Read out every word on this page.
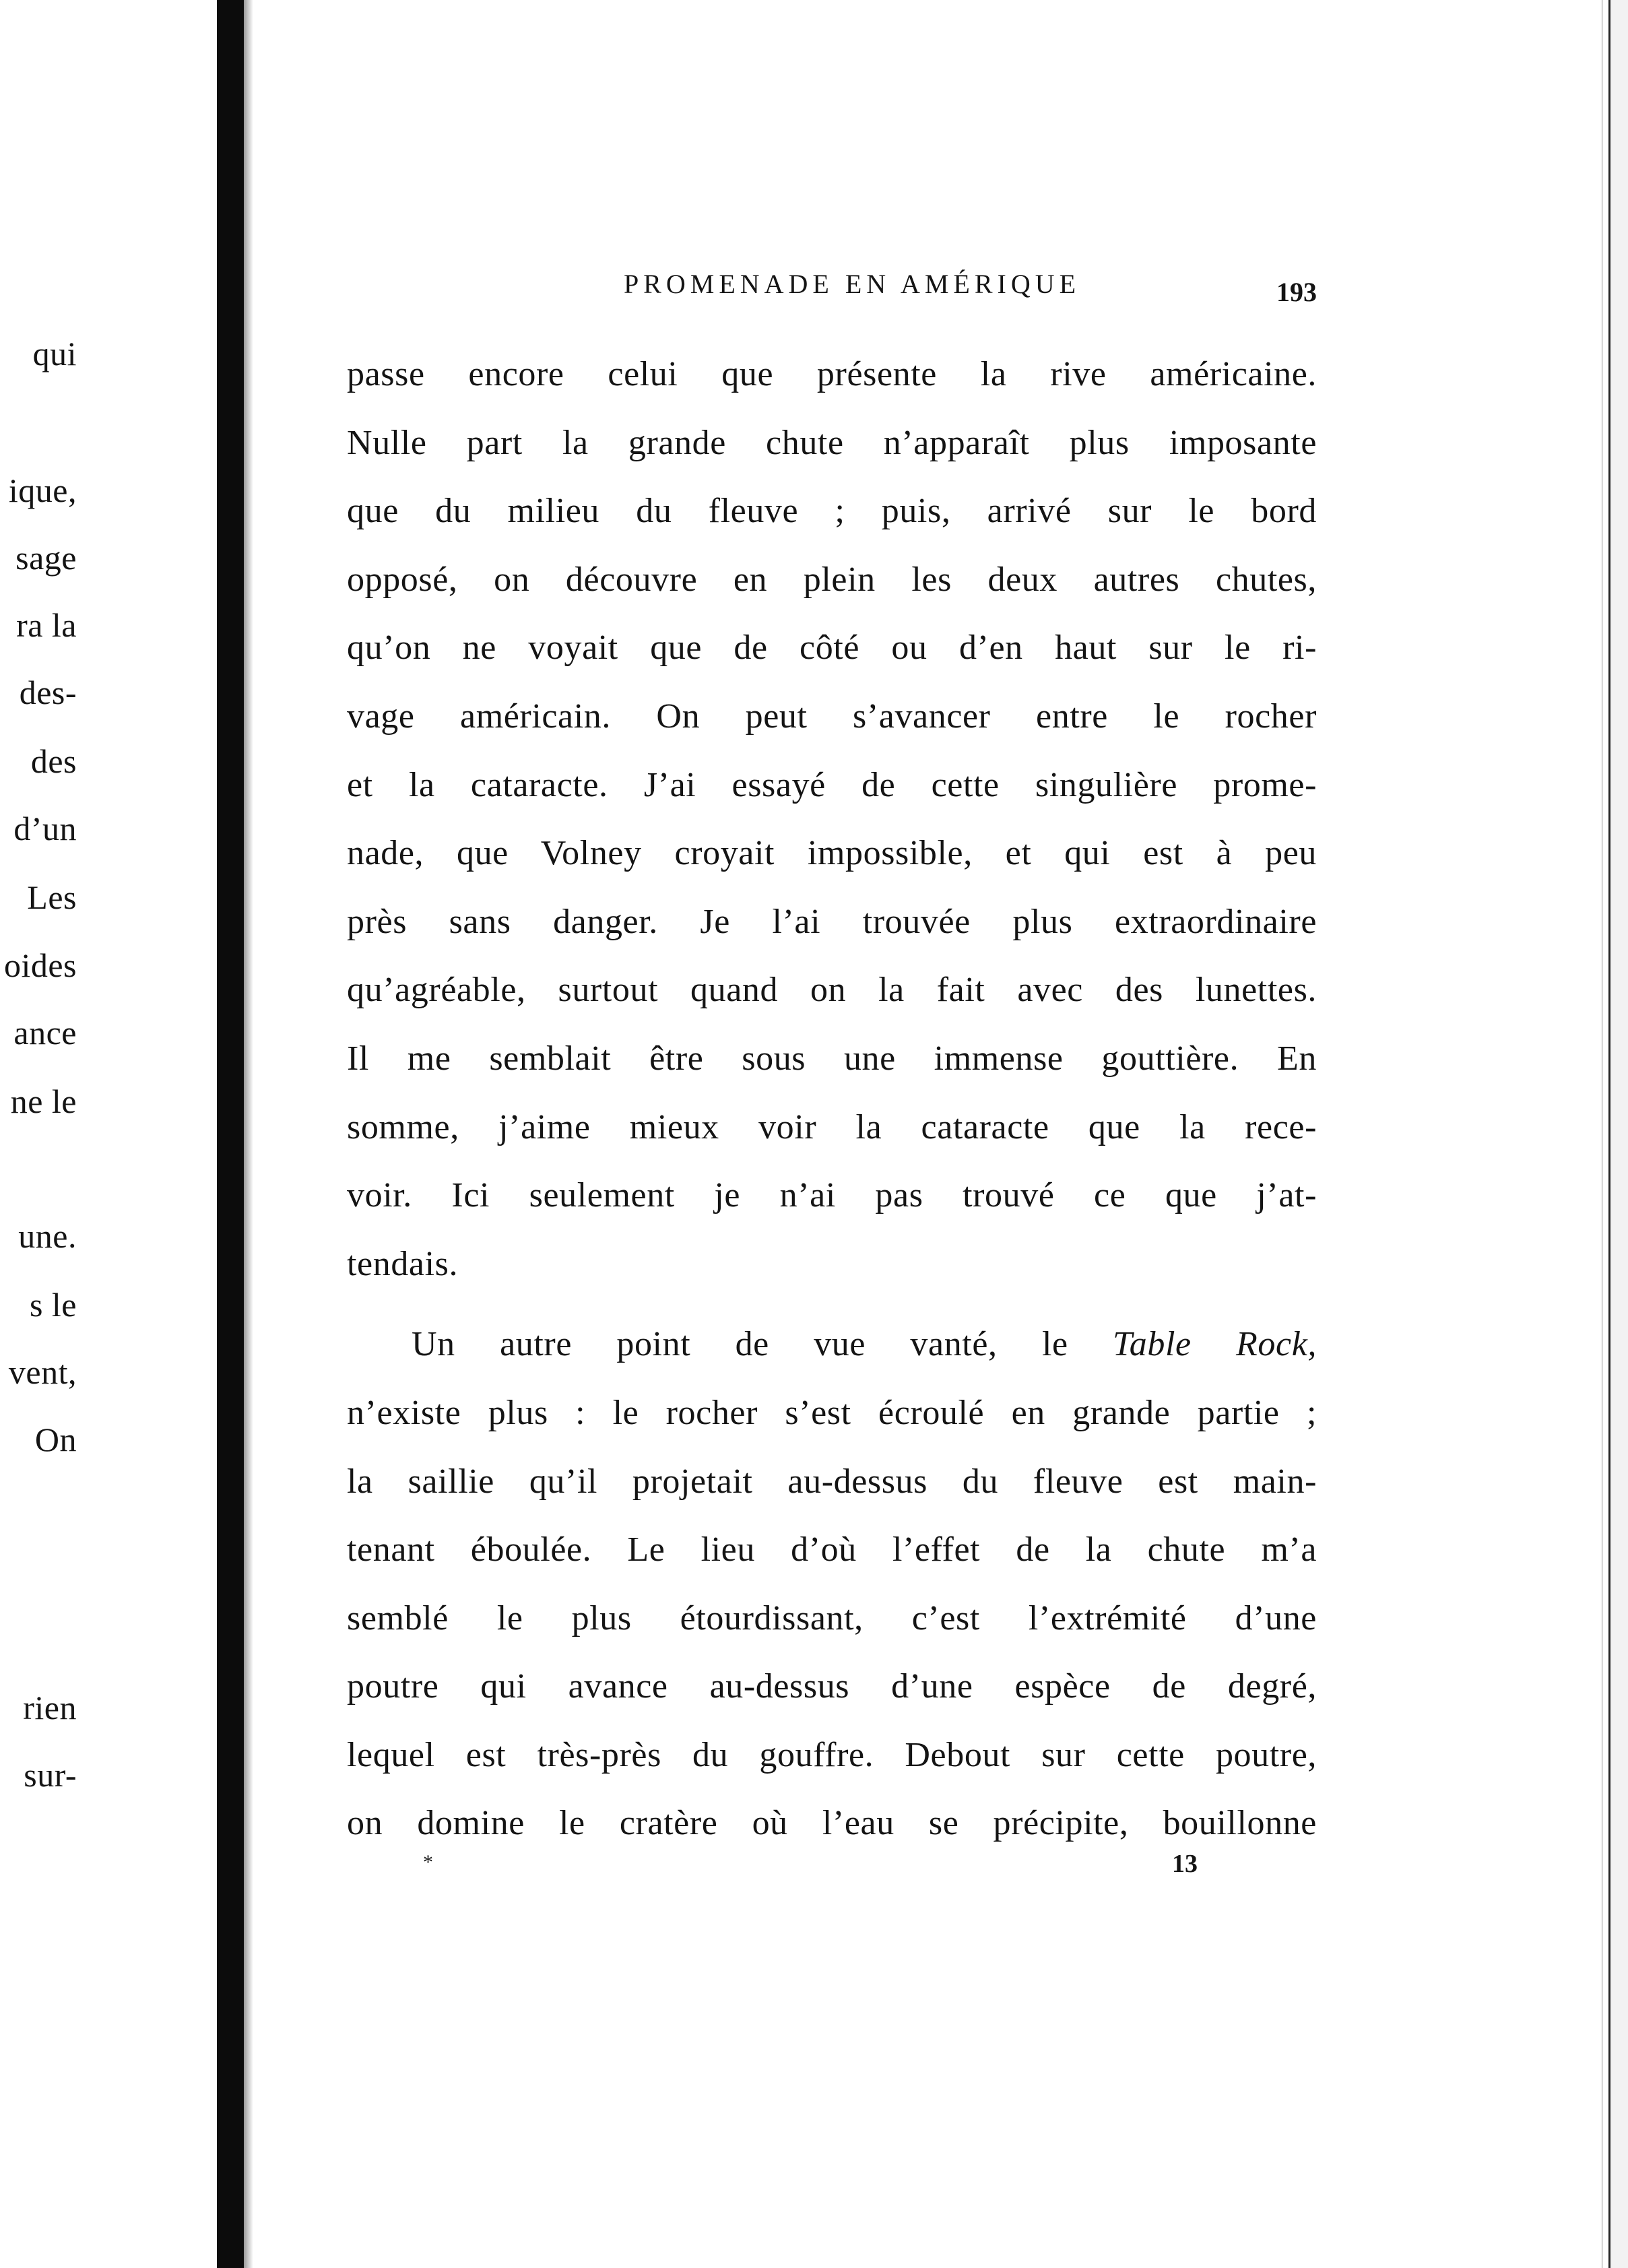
qui
ique,
sage
ra la
des-
des
d’un
Les
oides
ance
ne le
une.
s le
vent,
On
rien
sur-
PROMENADE EN AMÉRIQUE	193
passe encore celui que présente la rive américaine.
Nulle part la grande chute n’apparaît plus imposante
que du milieu du fleuve ; puis, arrivé sur le bord
opposé, on découvre en plein les deux autres chutes,
qu’on ne voyait que de côté ou d’en haut sur le ri-
vage américain. On peut s’avancer entre le rocher
et la cataracte. J’ai essayé de cette singulière prome-
nade, que Volney croyait impossible, et qui est à peu
près sans danger. Je l’ai trouvée plus extraordinaire
qu’agréable, surtout quand on la fait avec des lunettes.
Il me semblait être sous une immense gouttière. En
somme, j’aime mieux voir la cataracte que la rece-
voir. Ici seulement je n’ai pas trouvé ce que j’at-
tendais.
Un autre point de vue vanté, le Table Rock,
n’existe plus : le rocher s’est écroulé en grande partie ;
la saillie qu’il projetait au-dessus du fleuve est main-
tenant éboulée. Le lieu d’où l’effet de la chute m’a
semblé le plus étourdissant, c’est l’extrémité d’une
poutre qui avance au-dessus d’une espèce de degré,
lequel est très-près du gouffre. Debout sur cette poutre,
on domine le cratère où l’eau se précipite, bouillonne
*	13
